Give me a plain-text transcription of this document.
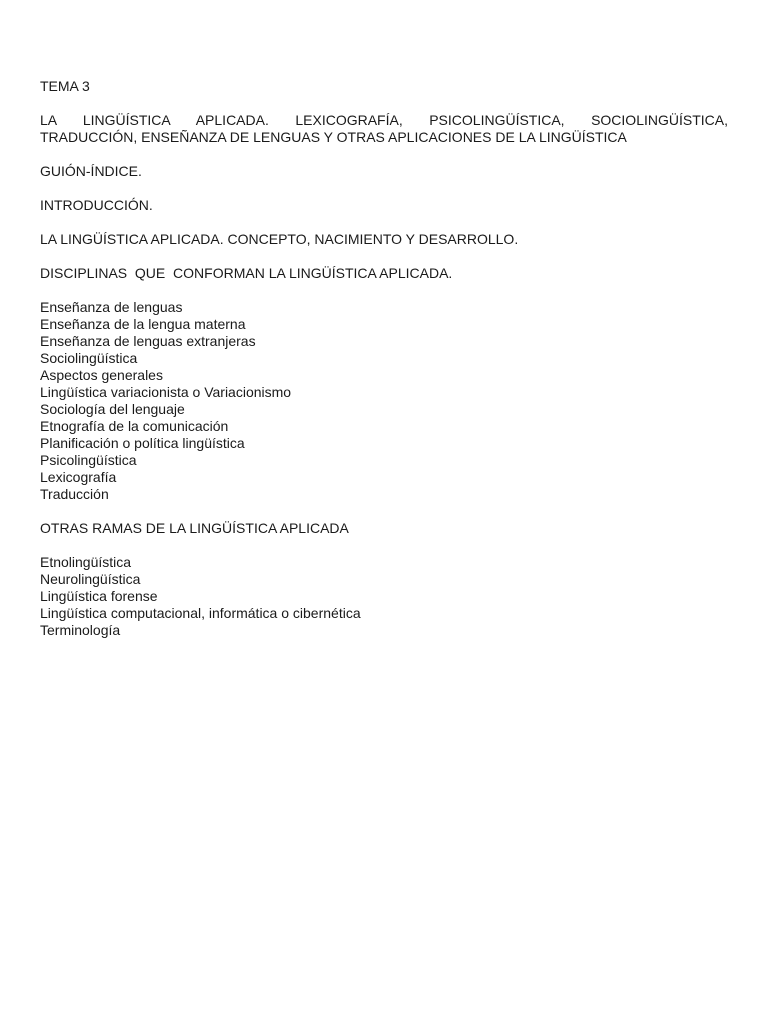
TEMA 3

LA LINGÜÍSTICA APLICADA. LEXICOGRAFÍA, PSICOLINGÜÍSTICA, SOCIOLINGÜÍSTICA,

TRADUCCIÓN, ENSEÑANZA DE LENGUAS Y OTRAS APLICACIONES DE LA LINGÜÍSTICA

GUIÓN-ÍNDICE.

INTRODUCCIÓN.

LA LINGÜÍSTICA APLICADA. CONCEPTO, NACIMIENTO Y DESARROLLO.

DISCIPLINAS  QUE  CONFORMAN LA LINGÜÍSTICA APLICADA.

Enseñanza de lenguas

Enseñanza de la lengua materna

Enseñanza de lenguas extranjeras

Sociolingüística

Aspectos generales

Lingüística variacionista o Variacionismo

Sociología del lenguaje

Etnografía de la comunicación

Planificación o política lingüística

Psicolingüística

Lexicografía

Traducción

OTRAS RAMAS DE LA LINGÜÍSTICA APLICADA

Etnolingüística

Neurolingüística

Lingüística forense

Lingüística computacional, informática o cibernética

Terminología
